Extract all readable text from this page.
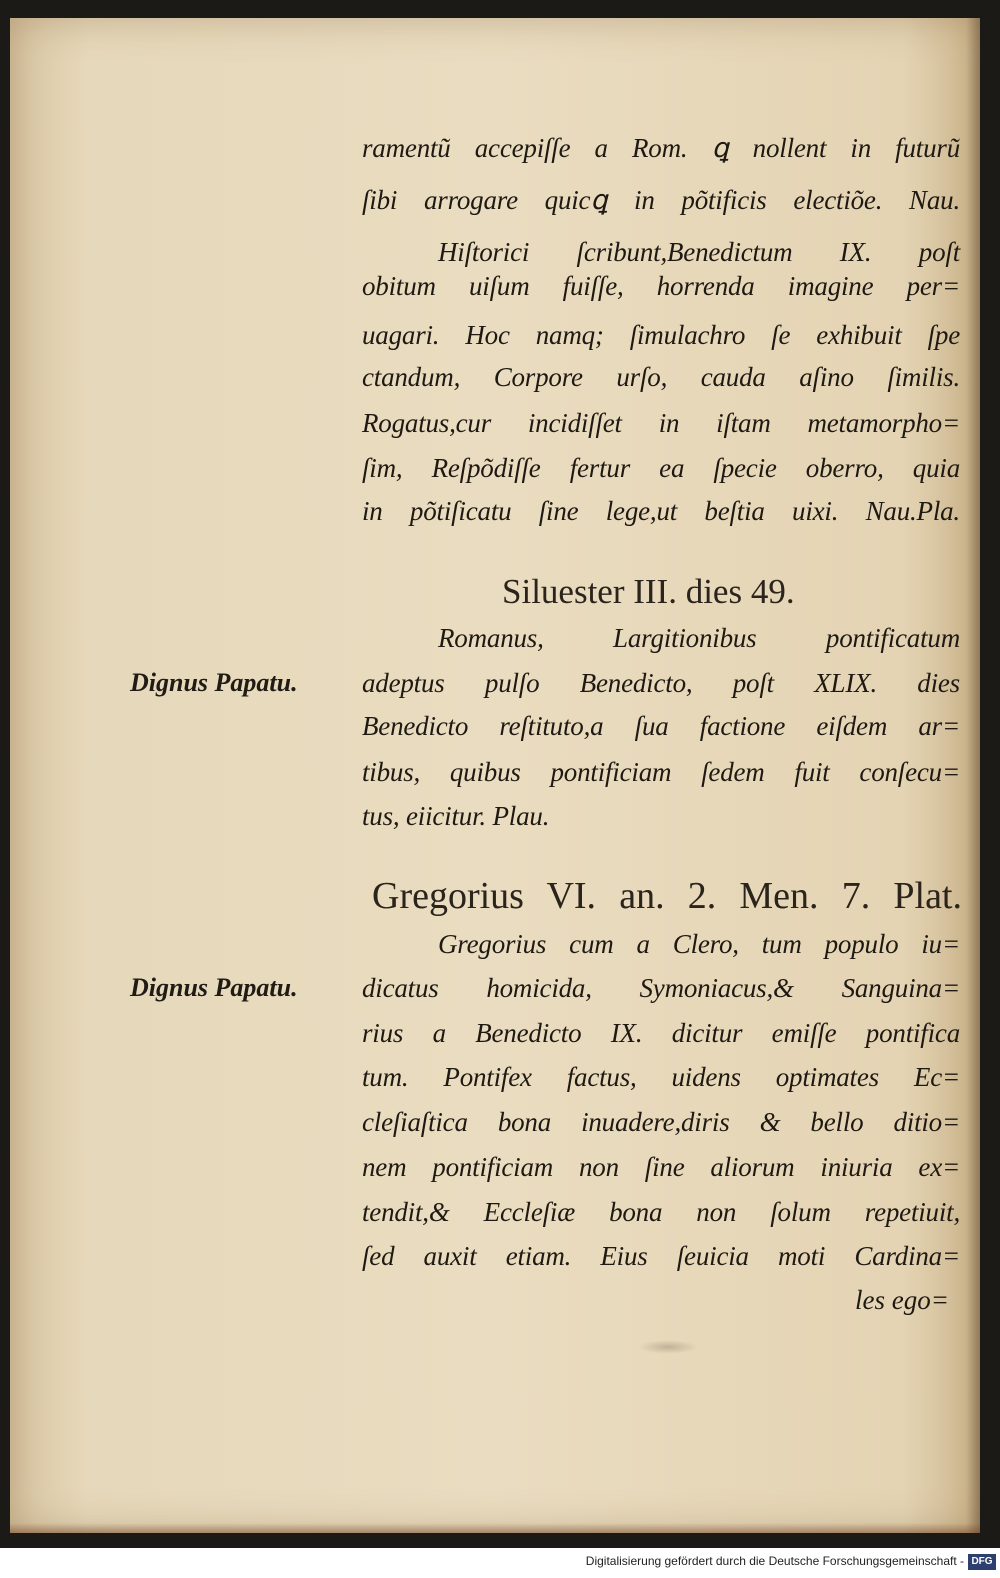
ramentũ accepiſſe a Rom. ꝗ nollent in futurũ

ſibi arrogare quicꝗ in põtificis electiõe. Nau.

Hiſtorici ſcribunt,Benedictum IX. poſt

obitum uiſum fuiſſe, horrenda imagine per=

uagari. Hoc namq; ſimulachro ſe exhibuit ſpe

ctandum, Corpore urſo, cauda aſino ſimilis.

Rogatus,cur incidiſſet in iſtam metamorpho=

ſim, Reſpõdiſſe fertur ea ſpecie oberro, quia

in põtiſicatu ſine lege,ut beſtia uixi. Nau.Pla.

Siluester III. dies 49.

Romanus, Largitionibus pontificatum

Dignus Papatu. adeptus pulſo Benedicto, poſt XLIX. dies

Benedicto reſtituto,a ſua factione eiſdem ar=

tibus, quibus pontificiam ſedem fuit conſecu=

tus, eiicitur. Plau.

Gregorius VI. an. 2. Men. 7. Plat.

Gregorius cum a Clero, tum populo iu=

Dignus Papatu. dicatus homicida, Symoniacus,& Sanguina=

rius a Benedicto IX. dicitur emiſſe pontifica

tum. Pontifex factus, uidens optimates Ec=

cleſiaſtica bona inuadere,diris & bello ditio=

nem pontificiam non ſine aliorum iniuria ex=

tendit,& Eccleſiæ bona non ſolum repetiuit,

ſed auxit etiam. Eius ſeuicia moti Cardina=

les ego=

Digitalisierung gefördert durch die Deutsche Forschungsgemeinschaft - DFG
